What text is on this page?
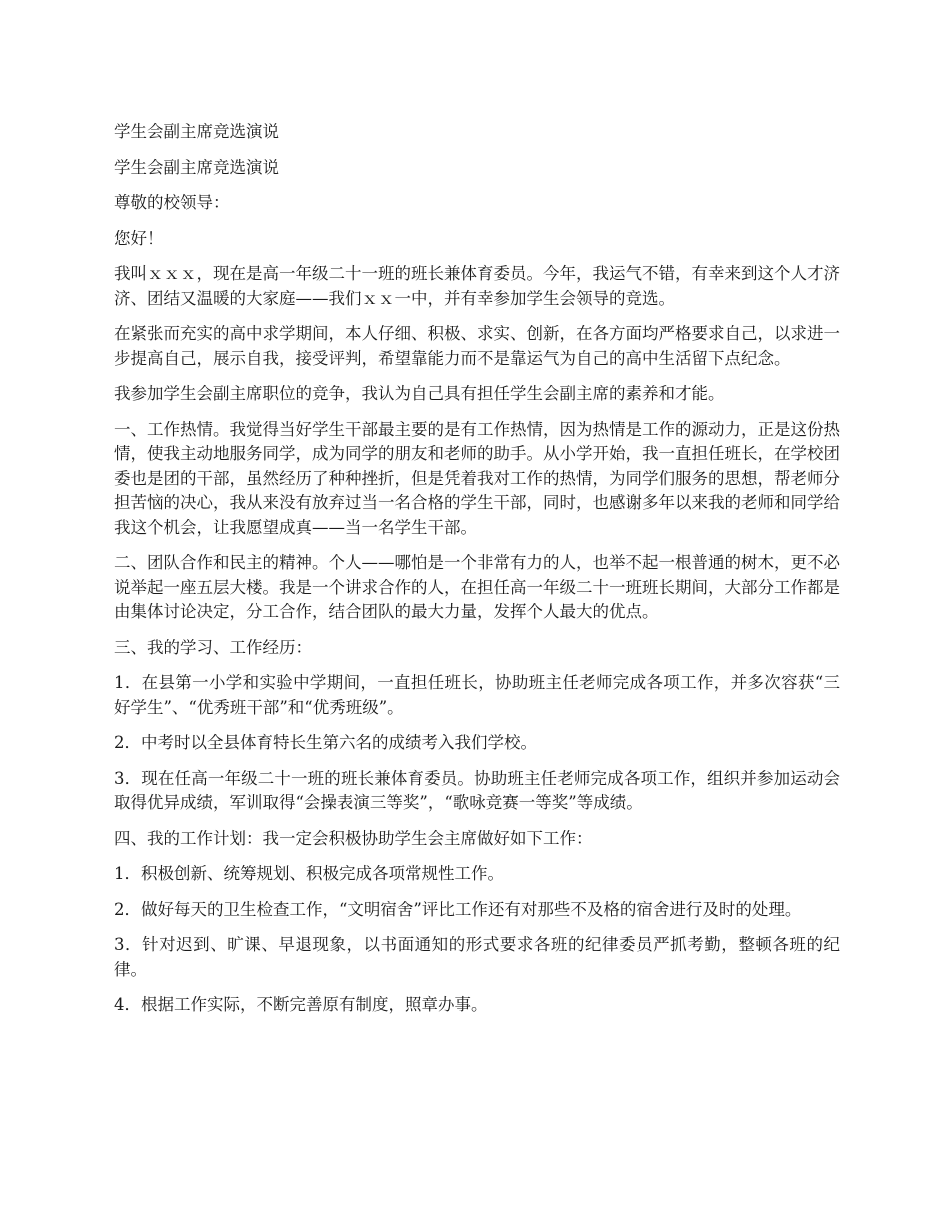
学生会副主席竞选演说

学生会副主席竞选演说

尊敬的校领导：

您好！

我叫ｘｘｘ，现在是高一年级二十一班的班长兼体育委员。今年，我运气不错，有幸来到这个人才济济、团结又温暖的大家庭——我们ｘｘ一中，并有幸参加学生会领导的竞选。

在紧张而充实的高中求学期间，本人仔细、积极、求实、创新，在各方面均严格要求自己，以求进一步提高自己，展示自我，接受评判，希望靠能力而不是靠运气为自己的高中生活留下点纪念。

我参加学生会副主席职位的竞争，我认为自己具有担任学生会副主席的素养和才能。

一、工作热情。我觉得当好学生干部最主要的是有工作热情，因为热情是工作的源动力，正是这份热情，使我主动地服务同学，成为同学的朋友和老师的助手。从小学开始，我一直担任班长，在学校团委也是团的干部，虽然经历了种种挫折，但是凭着我对工作的热情，为同学们服务的思想，帮老师分担苦恼的决心，我从来没有放弃过当一名合格的学生干部，同时，也感谢多年以来我的老师和同学给我这个机会，让我愿望成真——当一名学生干部。

二、团队合作和民主的精神。个人——哪怕是一个非常有力的人，也举不起一根普通的树木，更不必说举起一座五层大楼。我是一个讲求合作的人，在担任高一年级二十一班班长期间，大部分工作都是由集体讨论决定，分工合作，结合团队的最大力量，发挥个人最大的优点。

三、我的学习、工作经历：

1．在县第一小学和实验中学期间，一直担任班长，协助班主任老师完成各项工作，并多次容获“三好学生”、“优秀班干部”和“优秀班级”。

2．中考时以全县体育特长生第六名的成绩考入我们学校。

3．现在任高一年级二十一班的班长兼体育委员。协助班主任老师完成各项工作，组织并参加运动会取得优异成绩，军训取得“会操表演三等奖”，“歌咏竞赛一等奖”等成绩。

四、我的工作计划：我一定会积极协助学生会主席做好如下工作：

1．积极创新、统筹规划、积极完成各项常规性工作。

2．做好每天的卫生检查工作，“文明宿舍”评比工作还有对那些不及格的宿舍进行及时的处理。

3．针对迟到、旷课、早退现象，以书面通知的形式要求各班的纪律委员严抓考勤，整顿各班的纪律。

4．根据工作实际，不断完善原有制度，照章办事。
